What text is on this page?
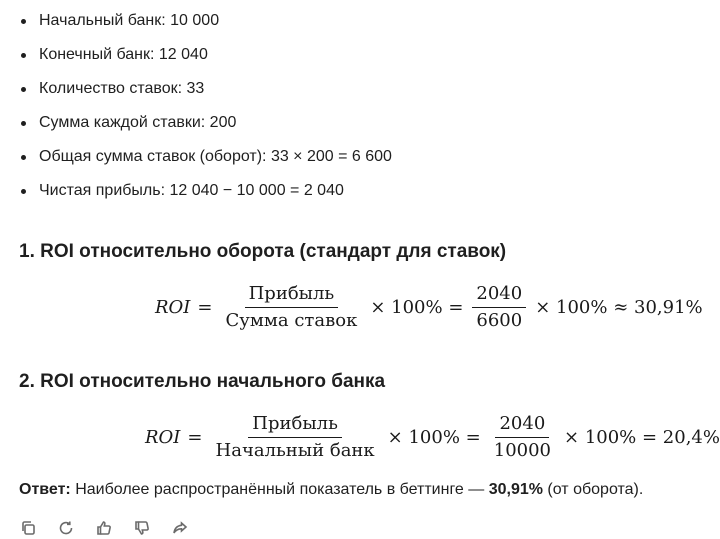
Начальный банк: 10 000
Конечный банк: 12 040
Количество ставок: 33
Сумма каждой ставки: 200
Общая сумма ставок (оборот): 33 × 200 = 6 600
Чистая прибыль: 12 040 − 10 000 = 2 040
1. ROI относительно оборота (стандарт для ставок)
ROI = $\frac{\text{Прибыль}}{\text{Сумма ставок}} \times 100\% = \frac{2040}{6600} \times 100\% \approx 30,91\%$
2. ROI относительно начального банка
ROI = $\frac{\text{Прибыль}}{\text{Начальный банк}} \times 100\% = \frac{2040}{10000} \times 100\% = 20,4\%$
Ответ: Наиболее распространённый показатель в беттинге — 30,91% (от оборота).
